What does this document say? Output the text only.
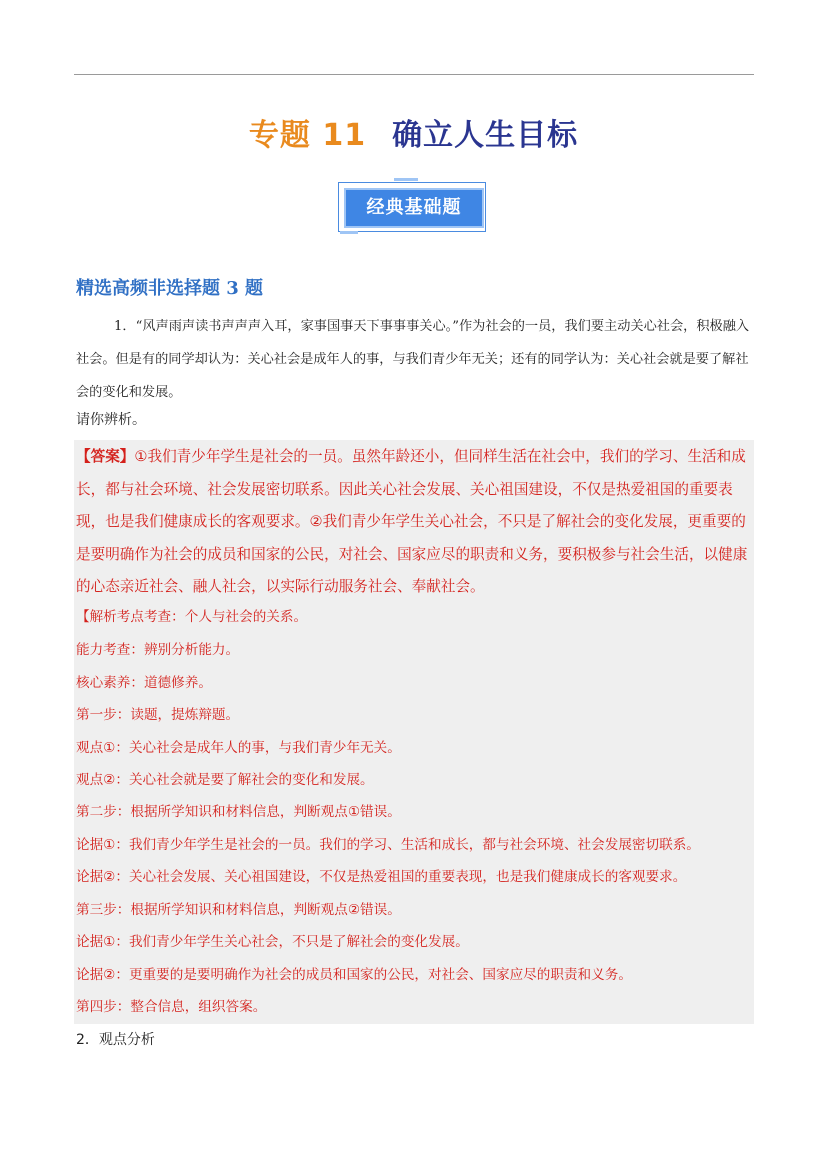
专题 11 确立人生目标
经典基础题
精选高频非选择题 3 题
1．“风声雨声读书声声声入耳，家事国事天下事事事关心。”作为社会的一员，我们要主动关心社会，积极融入社会。但是有的同学却认为：关心社会是成年人的事，与我们青少年无关；还有的同学认为：关心社会就是要了解社会的变化和发展。
请你辨析。
【答案】①我们青少年学生是社会的一员。虽然年龄还小，但同样生活在社会中，我们的学习、生活和成长，都与社会环境、社会发展密切联系。因此关心社会发展、关心祖国建设，不仅是热爱祖国的重要表现，也是我们健康成长的客观要求。②我们青少年学生关心社会，不只是了解社会的变化发展，更重要的是要明确作为社会的成员和国家的公民，对社会、国家应尽的职责和义务，要积极参与社会生活，以健康的心态亲近社会、融人社会，以实际行动服务社会、奉献社会。
【解析考点考查：个人与社会的关系。
能力考查：辨别分析能力。
核心素养：道德修养。
第一步：读题，提炼辩题。
观点①：关心社会是成年人的事，与我们青少年无关。
观点②：关心社会就是要了解社会的变化和发展。
第二步：根据所学知识和材料信息，判断观点①错误。
论据①：我们青少年学生是社会的一员。我们的学习、生活和成长，都与社会环境、社会发展密切联系。
论据②：关心社会发展、关心祖国建设，不仅是热爱祖国的重要表现，也是我们健康成长的客观要求。
第三步：根据所学知识和材料信息，判断观点②错误。
论据①：我们青少年学生关心社会，不只是了解社会的变化发展。
论据②：更重要的是要明确作为社会的成员和国家的公民，对社会、国家应尽的职责和义务。
第四步：整合信息，组织答案。
2．观点分析
